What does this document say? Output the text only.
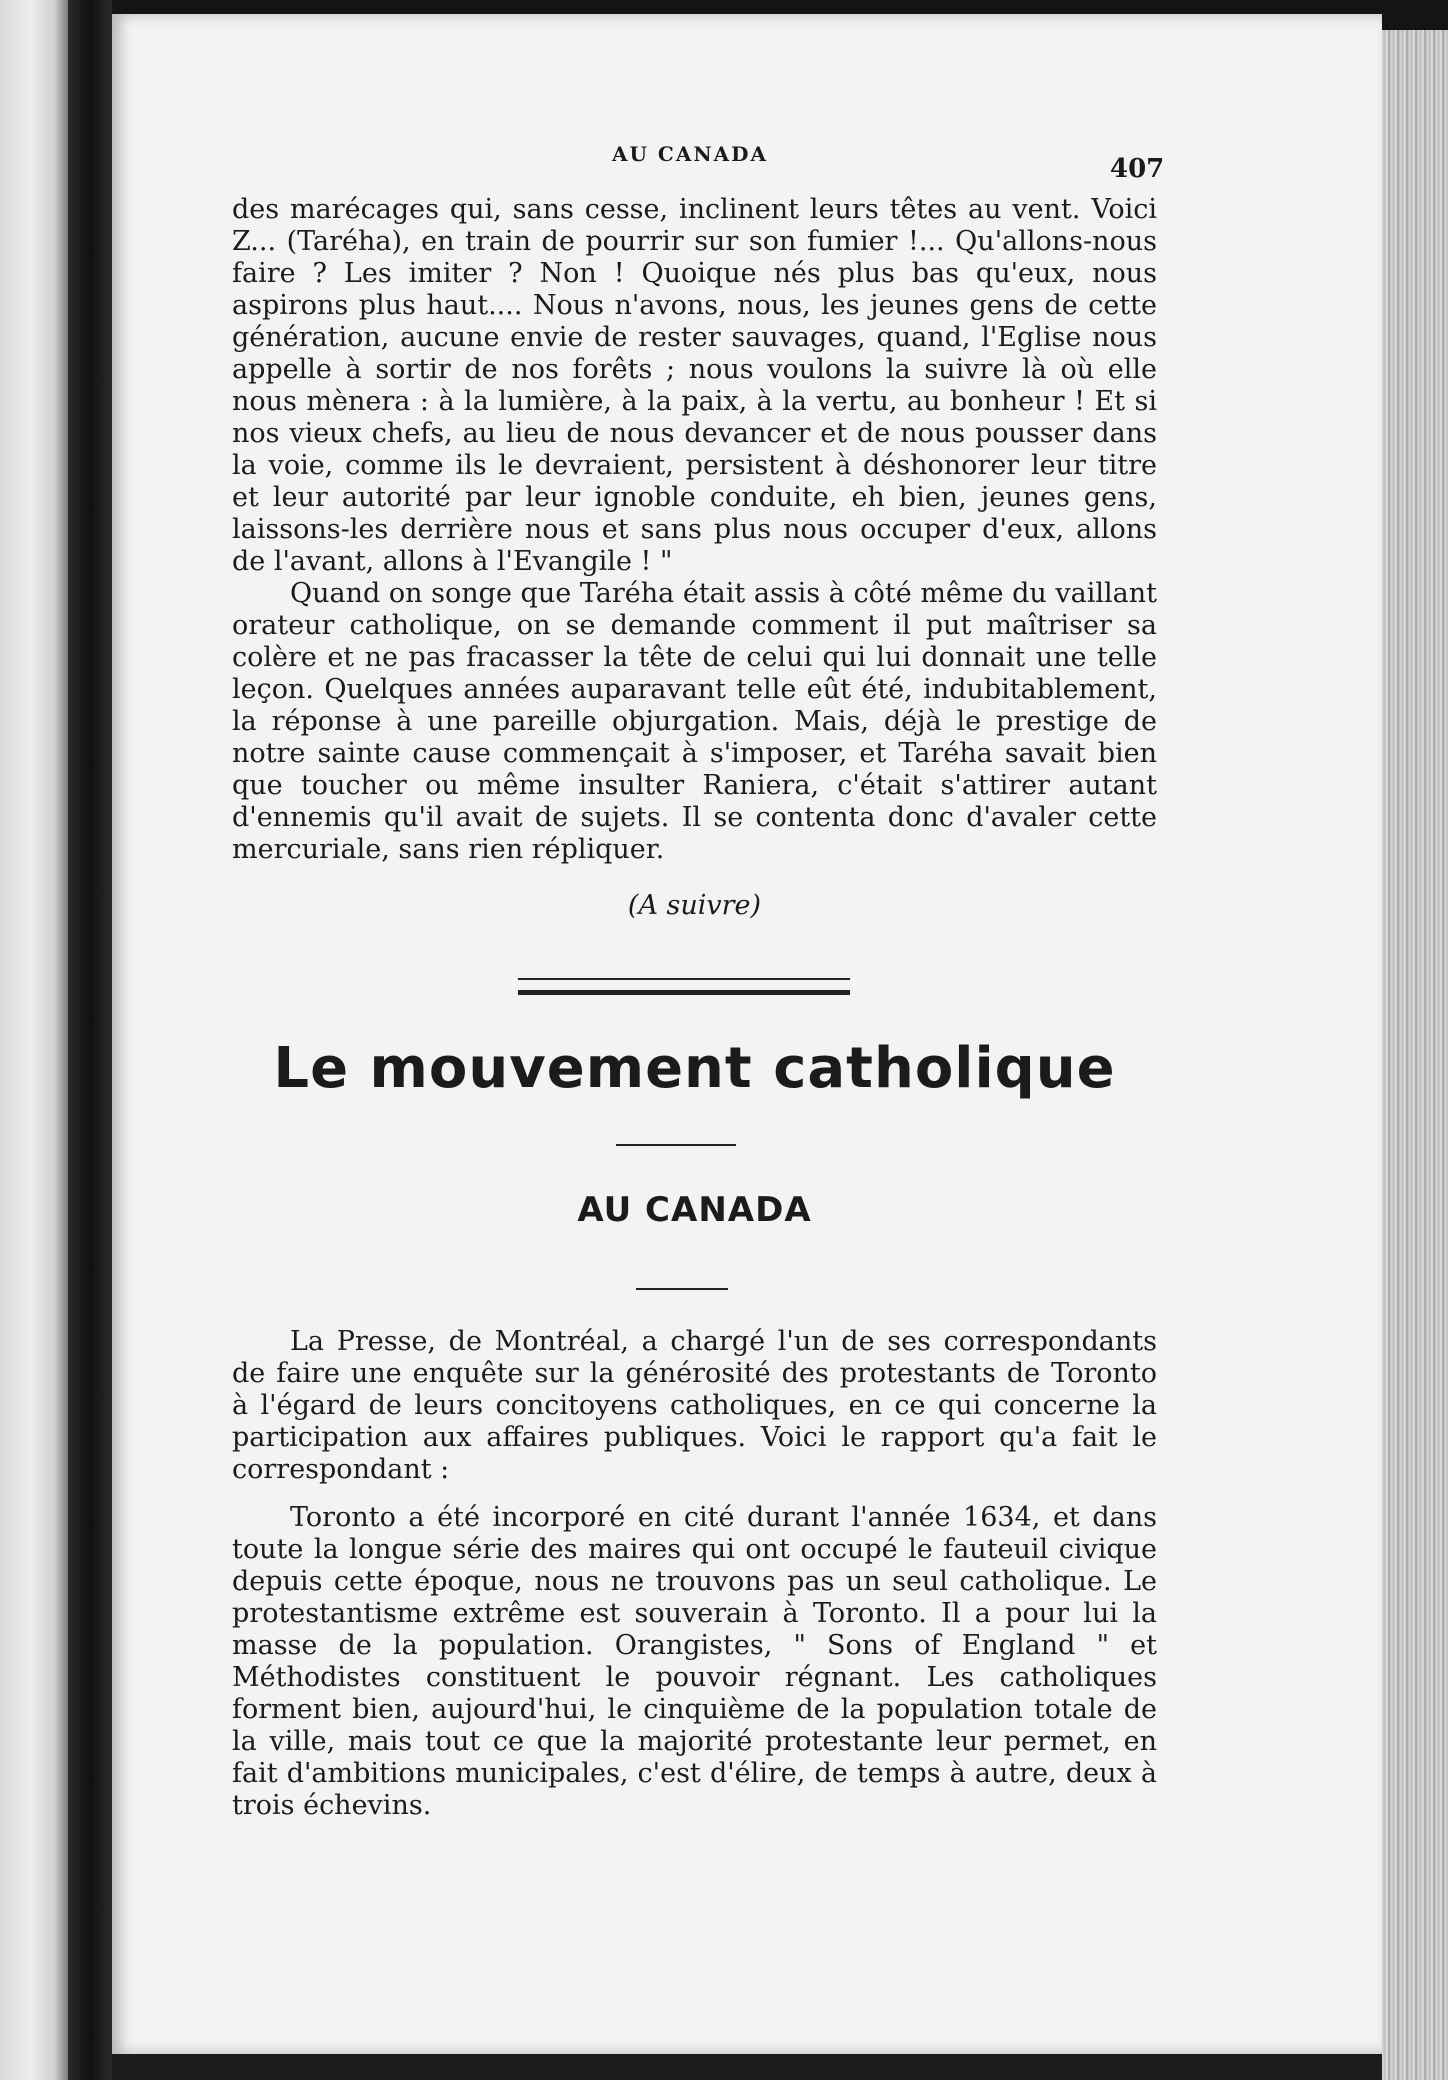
AU CANADA	407

des marécages qui, sans cesse, inclinent leurs têtes au vent. Voici Z... (Taréha), en train de pourrir sur son fumier !... Qu'allons-nous faire ? Les imiter ? Non ! Quoique nés plus bas qu'eux, nous aspirons plus haut.... Nous n'avons, nous, les jeunes gens de cette génération, aucune envie de rester sauvages, quand, l'Eglise nous appelle à sortir de nos forêts ; nous voulons la suivre là où elle nous mènera : à la lumière, à la paix, à la vertu, au bonheur ! Et si nos vieux chefs, au lieu de nous devancer et de nous pousser dans la voie, comme ils le devraient, persistent à déshonorer leur titre et leur autorité par leur ignoble conduite, eh bien, jeunes gens, laissons-les derrière nous et sans plus nous occuper d'eux, allons de l'avant, allons à l'Evangile ! "

Quand on songe que Taréha était assis à côté même du vaillant orateur catholique, on se demande comment il put maîtriser sa colère et ne pas fracasser la tête de celui qui lui donnait une telle leçon. Quelques années auparavant telle eût été, indubitablement, la réponse à une pareille objurgation. Mais, déjà le prestige de notre sainte cause commençait à s'imposer, et Taréha savait bien que toucher ou même insulter Raniera, c'était s'attirer autant d'ennemis qu'il avait de sujets. Il se contenta donc d'avaler cette mercuriale, sans rien répliquer.

(A suivre)
Le mouvement catholique
AU CANADA

La Presse, de Montréal, a chargé l'un de ses correspondants de faire une enquête sur la générosité des protestants de Toronto à l'égard de leurs concitoyens catholiques, en ce qui concerne la participation aux affaires publiques. Voici le rapport qu'a fait le correspondant :

Toronto a été incorporé en cité durant l'année 1634, et dans toute la longue série des maires qui ont occupé le fauteuil civique depuis cette époque, nous ne trouvons pas un seul catholique. Le protestantisme extrême est souverain à Toronto. Il a pour lui la masse de la population. Orangistes, " Sons of England " et Méthodistes constituent le pouvoir régnant. Les catholiques forment bien, aujourd'hui, le cinquième de la population totale de la ville, mais tout ce que la majorité protestante leur permet, en fait d'ambitions municipales, c'est d'élire, de temps à autre, deux à trois échevins.
